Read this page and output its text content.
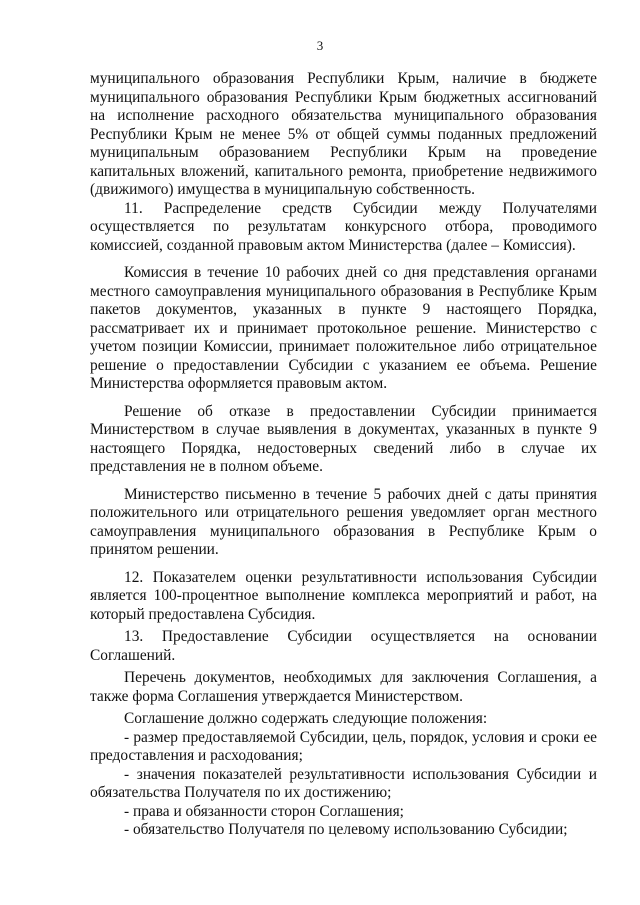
3

муниципального образования Республики Крым, наличие в бюджете муниципального образования Республики Крым бюджетных ассигнований на исполнение расходного обязательства муниципального образования Республики Крым не менее 5% от общей суммы поданных предложений муниципальным образованием Республики Крым на проведение капитальных вложений, капитального ремонта, приобретение недвижимого (движимого) имущества в муниципальную собственность.

11. Распределение средств Субсидии между Получателями осуществляется по результатам конкурсного отбора, проводимого комиссией, созданной правовым актом Министерства (далее – Комиссия).

Комиссия в течение 10 рабочих дней со дня представления органами местного самоуправления муниципального образования в Республике Крым пакетов документов, указанных в пункте 9 настоящего Порядка, рассматривает их и принимает протокольное решение. Министерство с учетом позиции Комиссии, принимает положительное либо отрицательное решение о предоставлении Субсидии с указанием ее объема. Решение Министерства оформляется правовым актом.

Решение об отказе в предоставлении Субсидии принимается Министерством в случае выявления в документах, указанных в пункте 9 настоящего Порядка, недостоверных сведений либо в случае их представления не в полном объеме.

Министерство письменно в течение 5 рабочих дней с даты принятия положительного или отрицательного решения уведомляет орган местного самоуправления муниципального образования в Республике Крым о принятом решении.

12. Показателем оценки результативности использования Субсидии является 100-процентное выполнение комплекса мероприятий и работ, на который предоставлена Субсидия.

13. Предоставление Субсидии осуществляется на основании Соглашений.

Перечень документов, необходимых для заключения Соглашения, а также форма Соглашения утверждается Министерством.

Соглашение должно содержать следующие положения:

- размер предоставляемой Субсидии, цель, порядок, условия и сроки ее предоставления и расходования;

- значения показателей результативности использования Субсидии и обязательства Получателя по их достижению;

- права и обязанности сторон Соглашения;

- обязательство Получателя по целевому использованию Субсидии;
